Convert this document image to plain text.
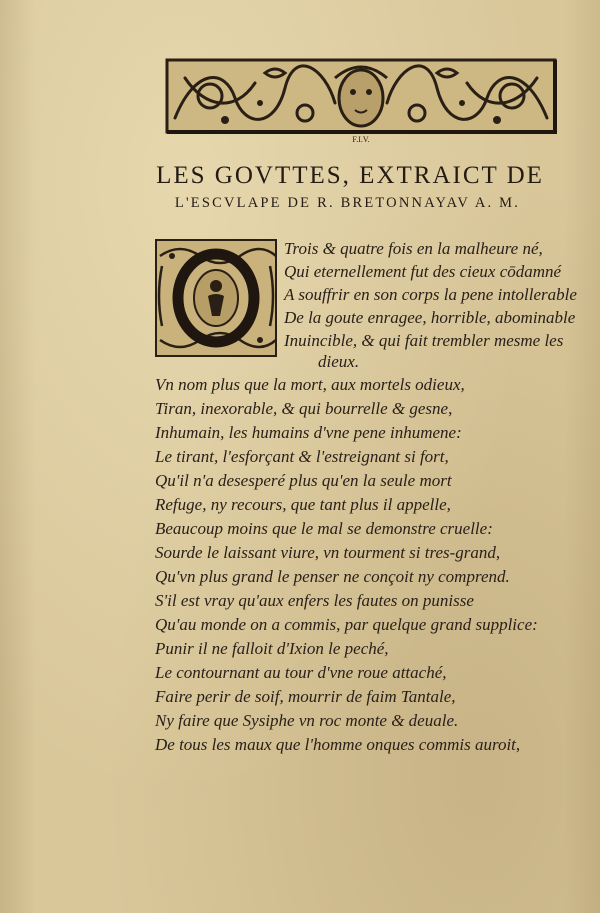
F.I.V.
LES GOVTTES, EXTRAICT DE
L'ESCVLAPE DE R. BRETONNAYAV A. M.
Trois & quatre fois en la malheure né,
Qui eternellement fut des cieux cōdamné
A souffrir en son corps la pene intollerable
De la goute enragee, horrible, abominable
Inuincible, & qui fait trembler mesme les
dieux.
Vn nom plus que la mort, aux mortels odieux,
Tiran, inexorable, & qui bourrelle & gesne,
Inhumain, les humains d'vne pene inhumene:
Le tirant, l'esforçant & l'estreignant si fort,
Qu'il n'a desesperé plus qu'en la seule mort
Refuge, ny recours, que tant plus il appelle,
Beaucoup moins que le mal se demonstre cruelle:
Sourde le laissant viure, vn tourment si tres-grand,
Qu'vn plus grand le penser ne conçoit ny comprend.
S'il est vray qu'aux enfers les fautes on punisse
Qu'au monde on a commis, par quelque grand supplice:
Punir il ne falloit d'Ixion le peché,
Le contournant au tour d'vne roue attaché,
Faire perir de soif, mourrir de faim Tantale,
Ny faire que Sysiphe vn roc monte & deuale.
De tous les maux que l'homme onques commis auroit,
